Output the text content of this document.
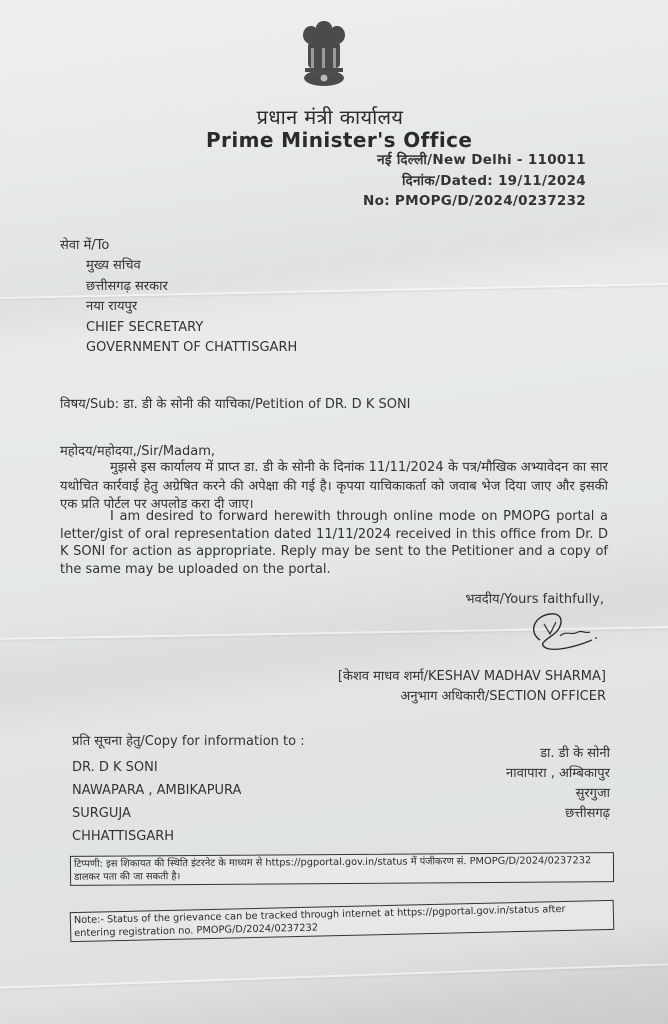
सत्यमेव जयते
प्रधान मंत्री कार्यालय
Prime Minister's Office
नई दिल्ली/New Delhi - 110011
दिनांक/Dated: 19/11/2024
No: PMOPG/D/2024/0237232
सेवा में/To
मुख्य सचिव
छत्तीसगढ़ सरकार
नया रायपुर
CHIEF SECRETARY
GOVERNMENT OF CHATTISGARH
विषय/Sub: डा. डी के सोनी की याचिका/Petition of DR. D K SONI
महोदय/महोदया,/Sir/Madam,
मुझसे इस कार्यालय में प्राप्त डा. डी के सोनी के दिनांक 11/11/2024 के पत्र/मौखिक अभ्यावेदन का सार यथोचित कार्रवाई हेतु अग्रेषित करने की अपेक्षा की गई है। कृपया याचिकाकर्ता को जवाब भेज दिया जाए और इसकी एक प्रति पोर्टल पर अपलोड करा दी जाए।
I am desired to forward herewith through online mode on PMOPG portal a letter/gist of oral representation dated 11/11/2024 received in this office from Dr. D K SONI for action as appropriate. Reply may be sent to the Petitioner and a copy of the same may be uploaded on the portal.
भवदीय/Yours faithfully,
[केशव माधव शर्मा/KESHAV MADHAV SHARMA]
अनुभाग अधिकारी/SECTION OFFICER
प्रति सूचना हेतु/Copy for information to :
DR. D K SONI
NAWAPARA , AMBIKAPURA
SURGUJA
CHHATTISGARH
डा. डी के सोनी
नावापारा , अम्बिकापुर
सुरगुजा
छत्तीसगढ़
टिप्पणी: इस शिकायत की स्थिति इंटरनेट के माध्यम से https://pgportal.gov.in/status में पंजीकरण सं. PMOPG/D/2024/0237232 डालकर पता की जा सकती है।
Note:- Status of the grievance can be tracked through internet at https://pgportal.gov.in/status after entering registration no. PMOPG/D/2024/0237232
